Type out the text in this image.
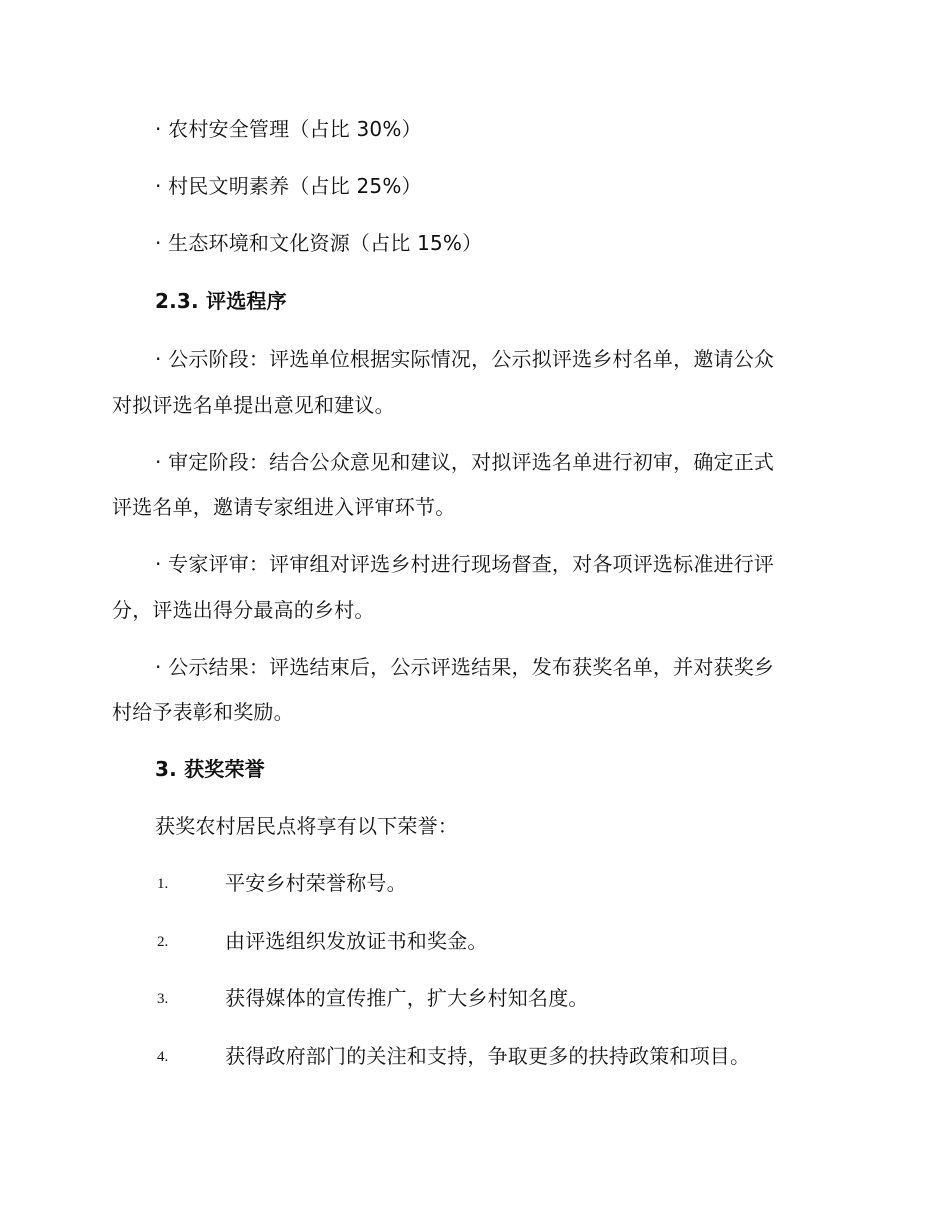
· 农村安全管理（占比 30%）
· 村民文明素养（占比 25%）
· 生态环境和文化资源（占比 15%）
2.3. 评选程序
· 公示阶段：评选单位根据实际情况，公示拟评选乡村名单，邀请公众
对拟评选名单提出意见和建议。
· 审定阶段：结合公众意见和建议，对拟评选名单进行初审，确定正式
评选名单，邀请专家组进入评审环节。
· 专家评审：评审组对评选乡村进行现场督查，对各项评选标准进行评
分，评选出得分最高的乡村。
· 公示结果：评选结束后，公示评选结果，发布获奖名单，并对获奖乡
村给予表彰和奖励。
3. 获奖荣誉
获奖农村居民点将享有以下荣誉：
1.	平安乡村荣誉称号。
2.	由评选组织发放证书和奖金。
3.	获得媒体的宣传推广，扩大乡村知名度。
4.	获得政府部门的关注和支持，争取更多的扶持政策和项目。
